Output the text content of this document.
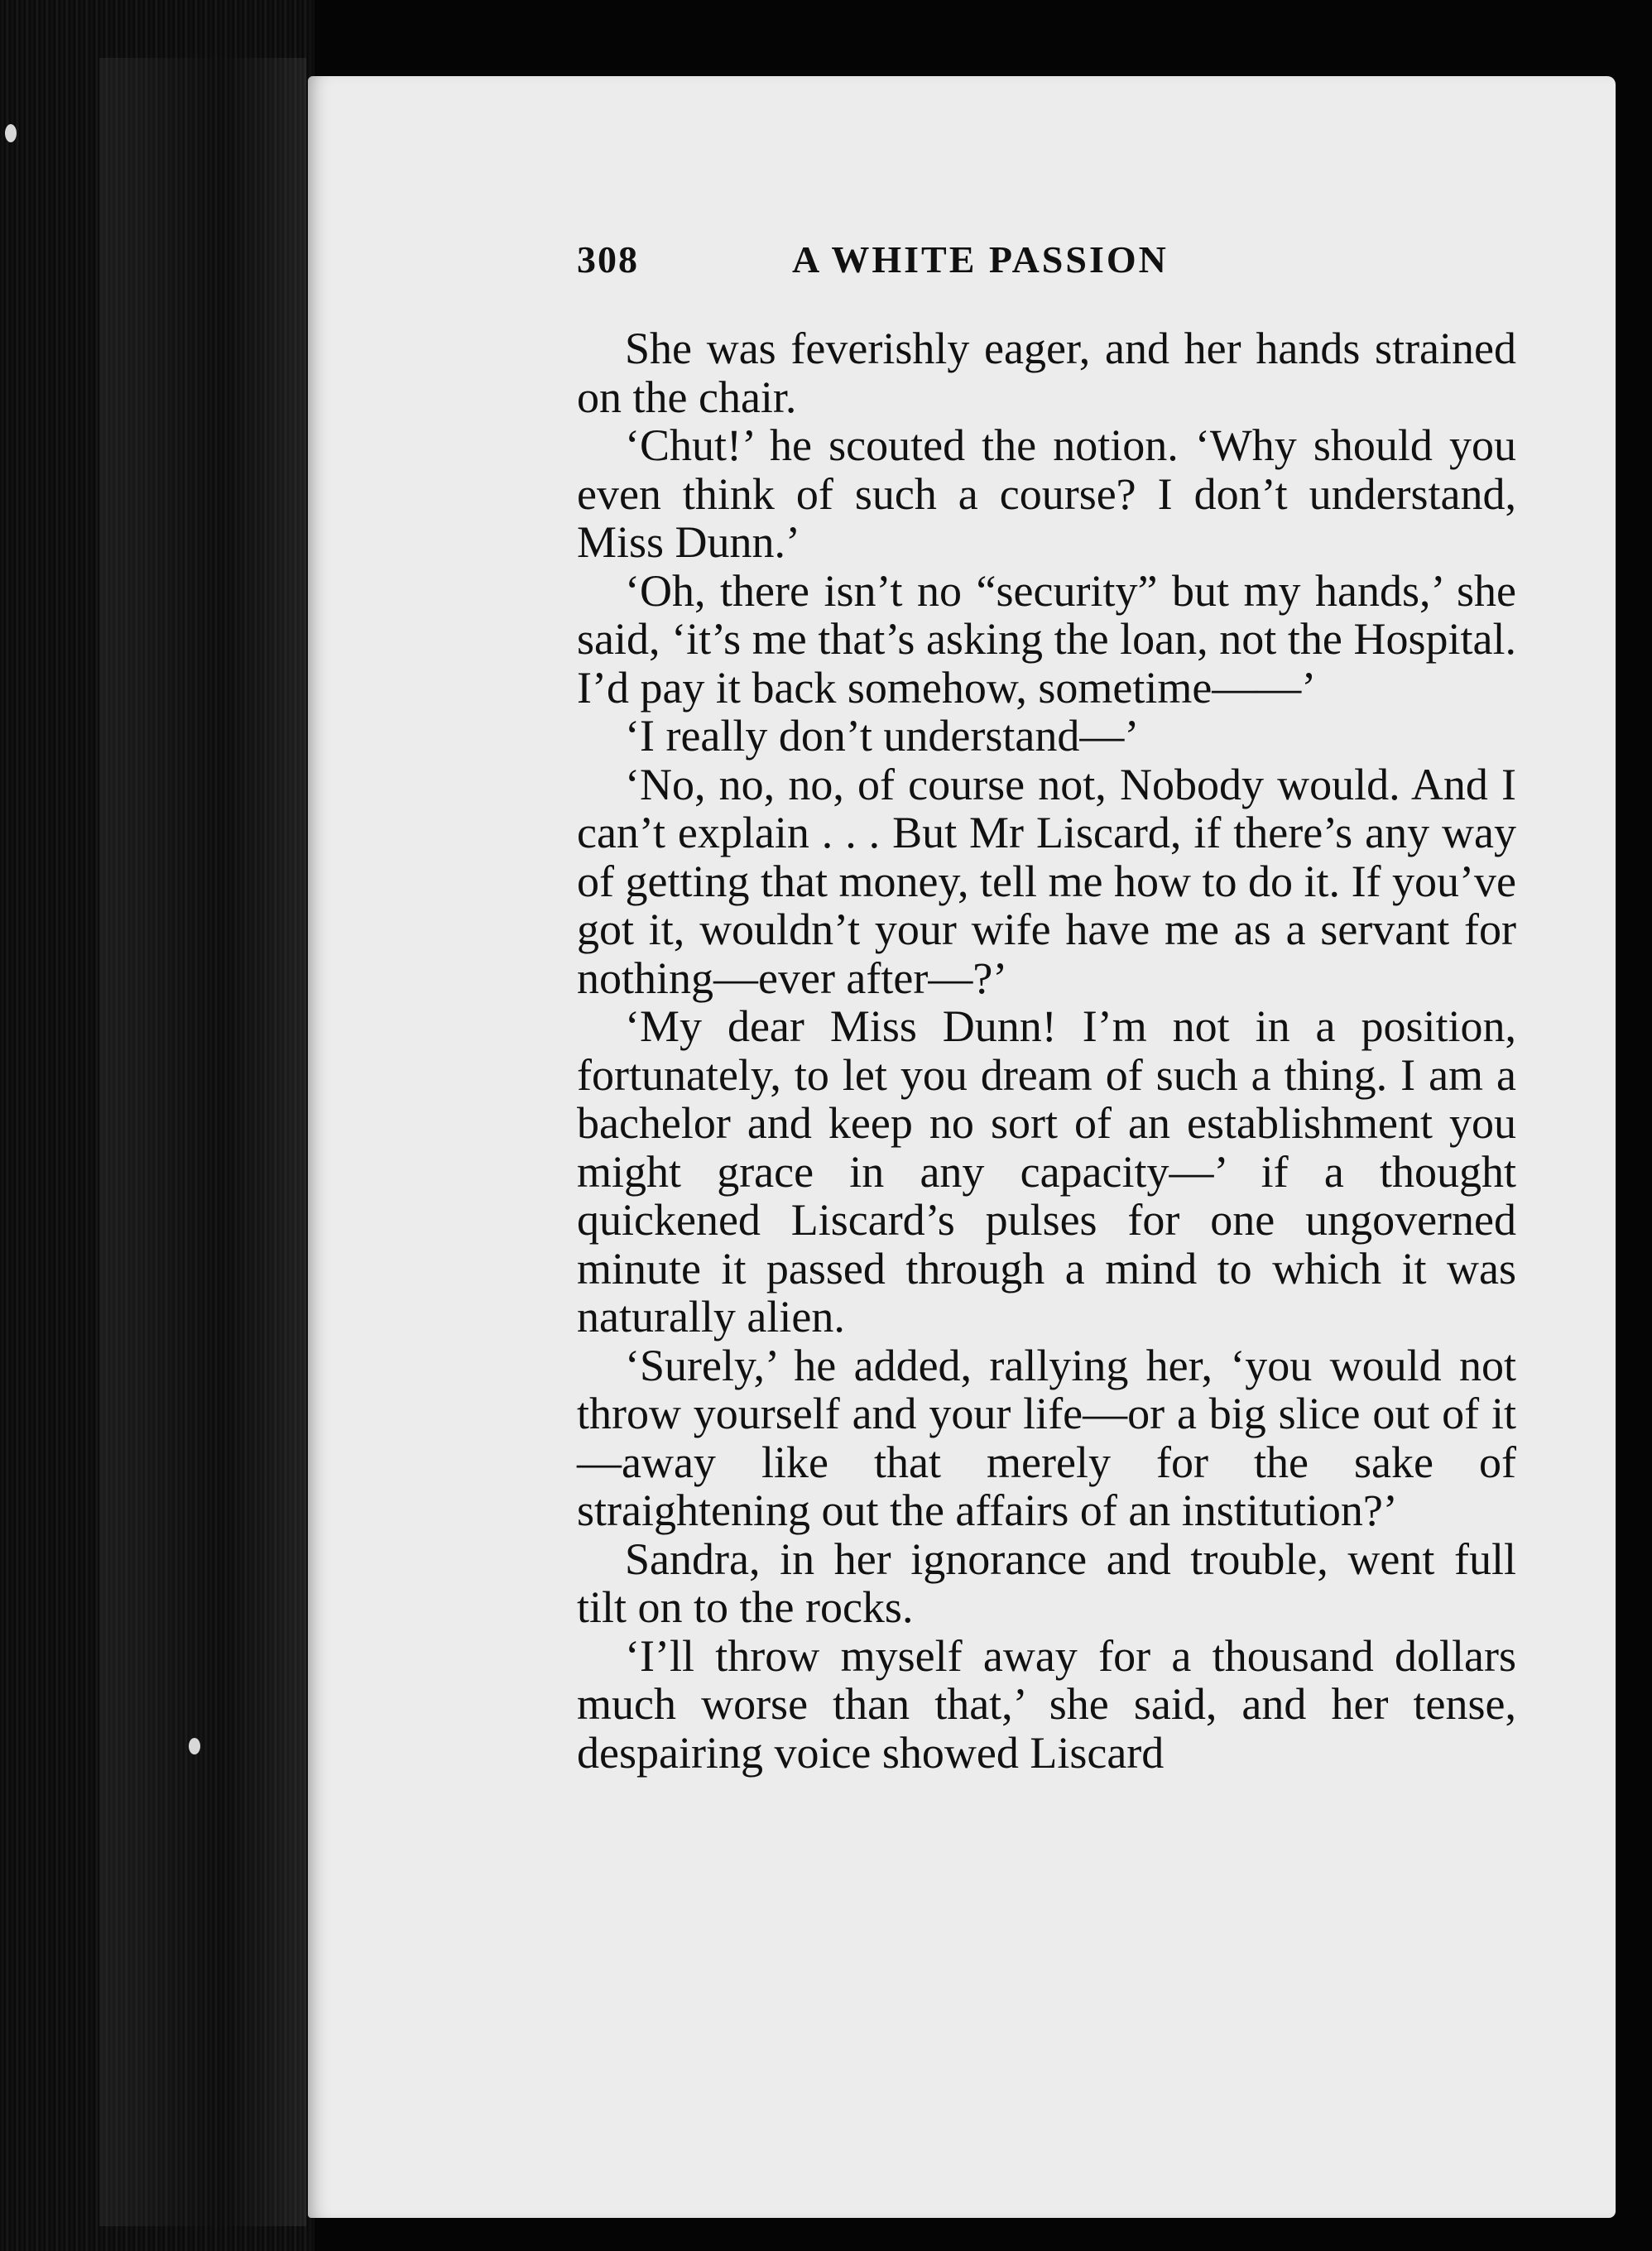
308	A WHITE PASSION

She was feverishly eager, and her hands strained on the chair.

‘Chut!’ he scouted the notion. ‘Why should you even think of such a course? I don’t understand, Miss Dunn.’

‘Oh, there isn’t no “security” but my hands,’ she said, ‘it’s me that’s asking the loan, not the Hospital. I’d pay it back somehow, sometime——’

‘I really don’t understand—’

‘No, no, no, of course not, Nobody would. And I can’t explain . . . But Mr Liscard, if there’s any way of getting that money, tell me how to do it. If you’ve got it, wouldn’t your wife have me as a servant for nothing—ever after—?’

‘My dear Miss Dunn! I’m not in a position, fortunately, to let you dream of such a thing. I am a bachelor and keep no sort of an establishment you might grace in any capacity—’ if a thought quickened Liscard’s pulses for one ungoverned minute it passed through a mind to which it was naturally alien.

‘Surely,’ he added, rallying her, ‘you would not throw yourself and your life—or a big slice out of it—away like that merely for the sake of straightening out the affairs of an institution?’

Sandra, in her ignorance and trouble, went full tilt on to the rocks.

‘I’ll throw myself away for a thousand dollars much worse than that,’ she said, and her tense, despairing voice showed Liscard
